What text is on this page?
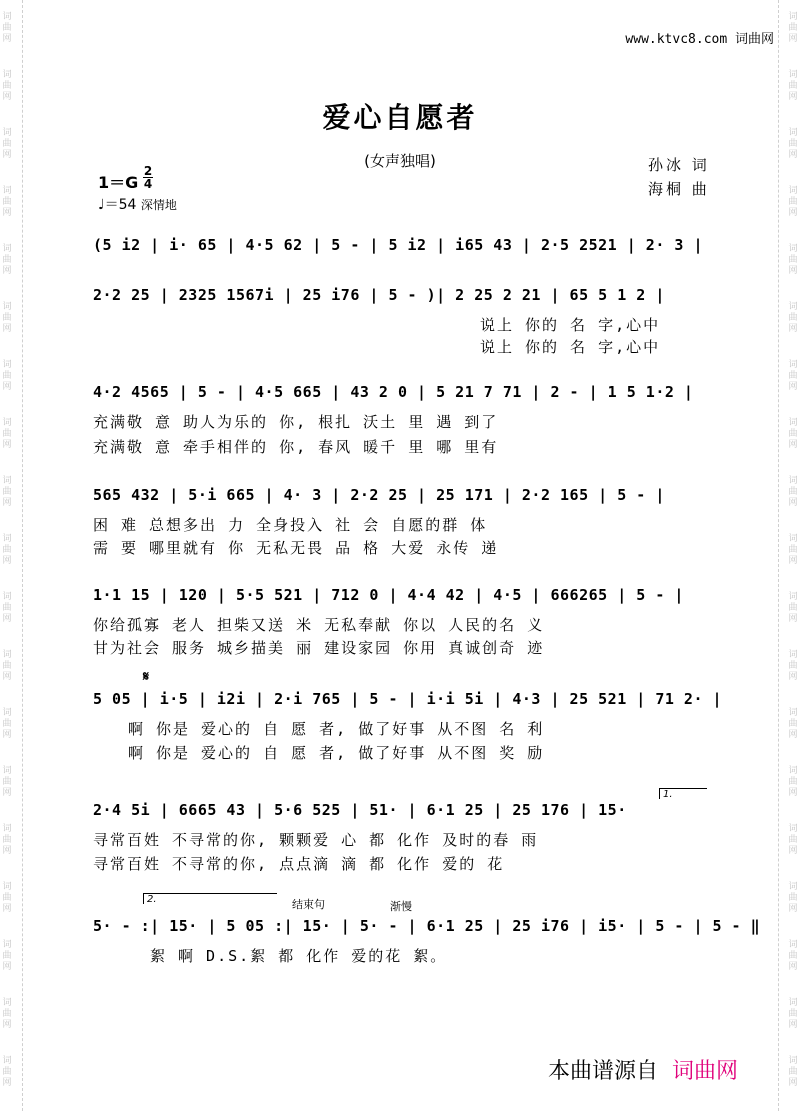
词
曲
网
词
曲
网
词
曲
网
词
曲
网
词
曲
网
词
曲
网
词
曲
网
词
曲
网
词
曲
网
词
曲
网
词
曲
网
词
曲
网
词
曲
网
词
曲
网
词
曲
网
词
曲
网
词
曲
网
词
曲
网
词
曲
网
词
曲
网
词
曲
网
词
曲
网
词
曲
网
词
曲
网
词
曲
网
词
曲
网
词
曲
网
词
曲
网
词
曲
网
词
曲
网
词
曲
网
词
曲
网
词
曲
网
词
曲
网
词
曲
网
词
曲
网
词
曲
网
词
曲
网
www.ktvc8.com 词曲网
爱心自愿者
(女声独唱)	孙冰 词
海桐 曲
1＝G
2
4
♩＝54 深情地
(5 i2 | i· 65 | 4·5 62 | 5 - | 5 i2 | i65 43 | 2·5 2521 | 2· 3 |
2·2 25 | 2325 1567i | 25 i76 | 5 - )| 2 25 2 21 | 65 5 1 2 |
说上 你的 名 字,心中
说上 你的 名 字,心中
4·2 4565 | 5 - | 4·5 665 | 43 2 0 | 5 21 7 71 | 2 - | 1 5 1·2 |
充满敬 意 助人为乐的 你, 根扎 沃土 里 遇 到了
充满敬 意 牵手相伴的 你, 春风 暖千 里 哪 里有
565 432 | 5·i 665 | 4· 3 | 2·2 25 | 25 171 | 2·2 165 | 5 - |
困 难 总想多出 力 全身投入 社 会 自愿的群 体
需 要 哪里就有 你 无私无畏 品 格 大爱 永传 递
1·1 15 | 120 | 5·5 521 | 712 0 | 4·4 42 | 4·5 | 666265 | 5 - |
你给孤寡 老人 担柴又送 米 无私奉献 你以 人民的名 义
甘为社会 服务 城乡描美 丽 建设家园 你用 真诚创奇 迹
𝄋
5 05 | i·5 | i2i | 2·i 765 | 5 - | i·i 5i | 4·3 | 25 521 | 71 2· |
啊 你是 爱心的 自 愿 者, 做了好事 从不图 名 利
啊 你是 爱心的 自 愿 者, 做了好事 从不图 奖 励
1.
2·4 5i | 6665 43 | 5·6 525 | 51· | 6·1 25 | 25 176 | 15·
寻常百姓 不寻常的你, 颗颗爱 心 都 化作 及时的春 雨
寻常百姓 不寻常的你, 点点滴 滴 都 化作 爱的 花
2.	结束句	渐慢
5· - :| 15· | 5 05 :| 15· | 5· - | 6·1 25 | 25 i76 | i5· | 5 - | 5 - ‖
絮 啊 D.S.絮 都 化作 爱的花 絮。
本曲谱源自 词曲网
